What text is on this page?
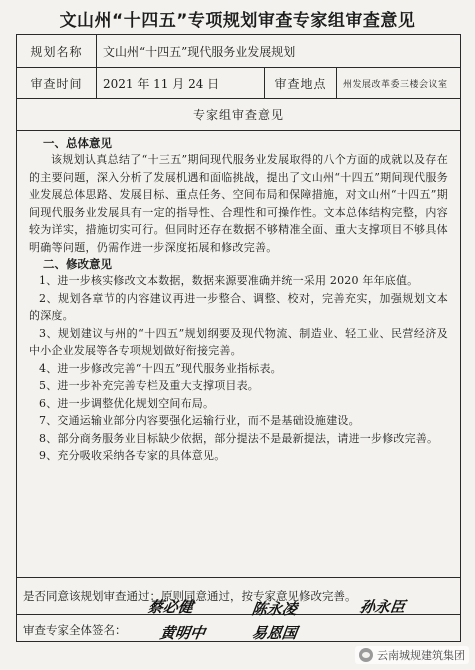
文山州“十四五”专项规划审查专家组审查意见
规划名称	文山州“十四五”现代服务业发展规划
审查时间	2021 年 11 月 24 日	审查地点	州发展改革委三楼会议室
专家组审查意见
一、总体意见
该规划认真总结了“十三五”期间现代服务业发展取得的八个方面的成就以及存在的主要问题，深入分析了发展机遇和面临挑战，提出了文山州“十四五”期间现代服务业发展总体思路、发展目标、重点任务、空间布局和保障措施，对文山州“十四五”期间现代服务业发展具有一定的指导性、合理性和可操作性。文本总体结构完整，内容较为详实，措施切实可行。但同时还存在数据不够精准全面、重大支撑项目不够具体明确等问题，仍需作进一步深度拓展和修改完善。
二、修改意见
1、进一步核实修改文本数据，数据来源要准确并统一采用 2020 年年底值。
2、规划各章节的内容建议再进一步整合、调整、校对，完善充实，加强规划文本的深度。
3、规划建议与州的“十四五”规划纲要及现代物流、制造业、轻工业、民营经济及中小企业发展等各专项规划做好衔接完善。
4、进一步修改完善“十四五”现代服务业指标表。
5、进一步补充完善专栏及重大支撑项目表。
6、进一步调整优化规划空间布局。
7、交通运输业部分内容要强化运输行业，而不是基础设施建设。
8、部分商务服务业目标缺少依据，部分提法不是最新提法，请进一步修改完善。
9、充分吸收采纳各专家的具体意见。
是否同意该规划审查通过：原则同意通过，按专家意见修改完善。
审查专家全体签名：
蔡必健	陈永凌	孙永臣
黄明中	易恩国
云南城规建筑集团
